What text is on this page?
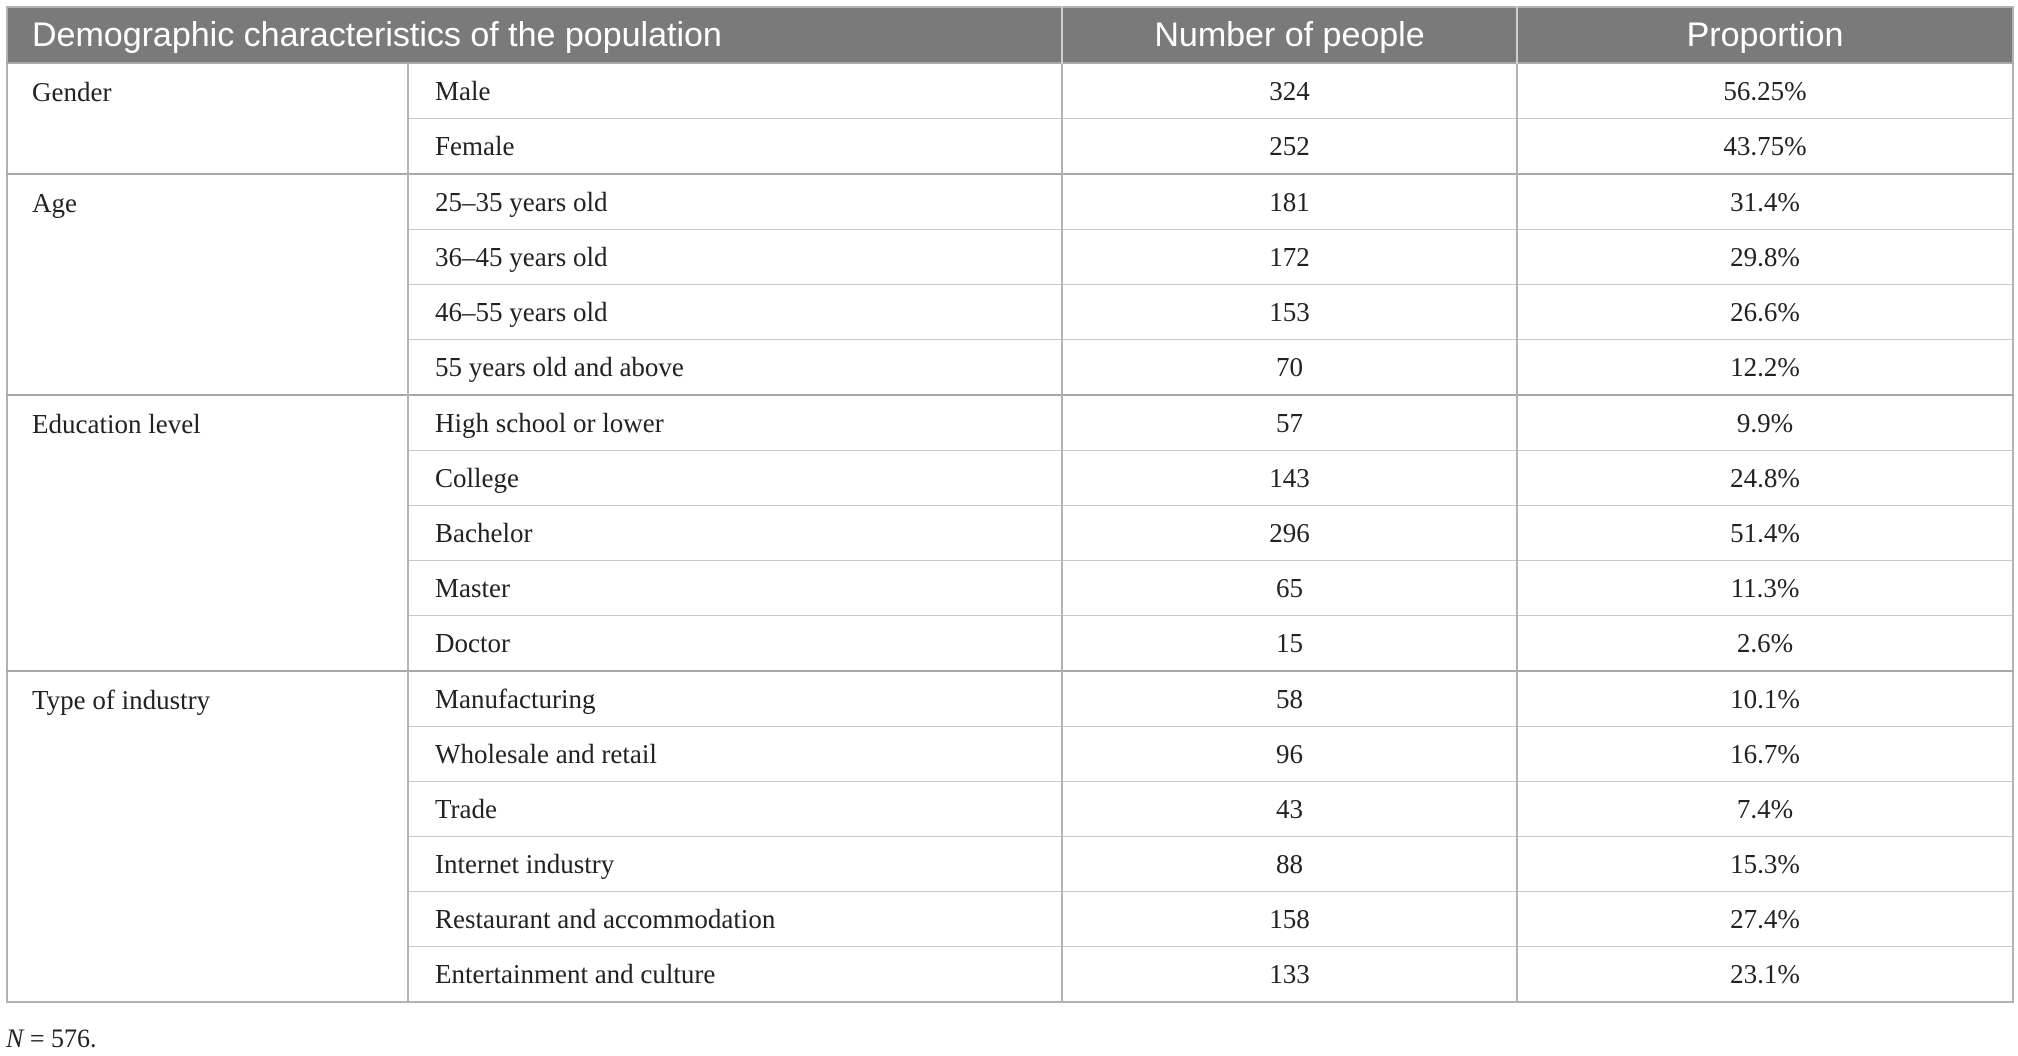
Demographic characteristics of the population		Number of people	Proportion
Gender	Male	324	56.25%
	Female	252	43.75%
Age	25–35 years old	181	31.4%
	36–45 years old	172	29.8%
	46–55 years old	153	26.6%
	55 years old and above	70	12.2%
Education level	High school or lower	57	9.9%
	College	143	24.8%
	Bachelor	296	51.4%
	Master	65	11.3%
	Doctor	15	2.6%
Type of industry	Manufacturing	58	10.1%
	Wholesale and retail	96	16.7%
	Trade	43	7.4%
	Internet industry	88	15.3%
	Restaurant and accommodation	158	27.4%
	Entertainment and culture	133	23.1%
N = 576.
